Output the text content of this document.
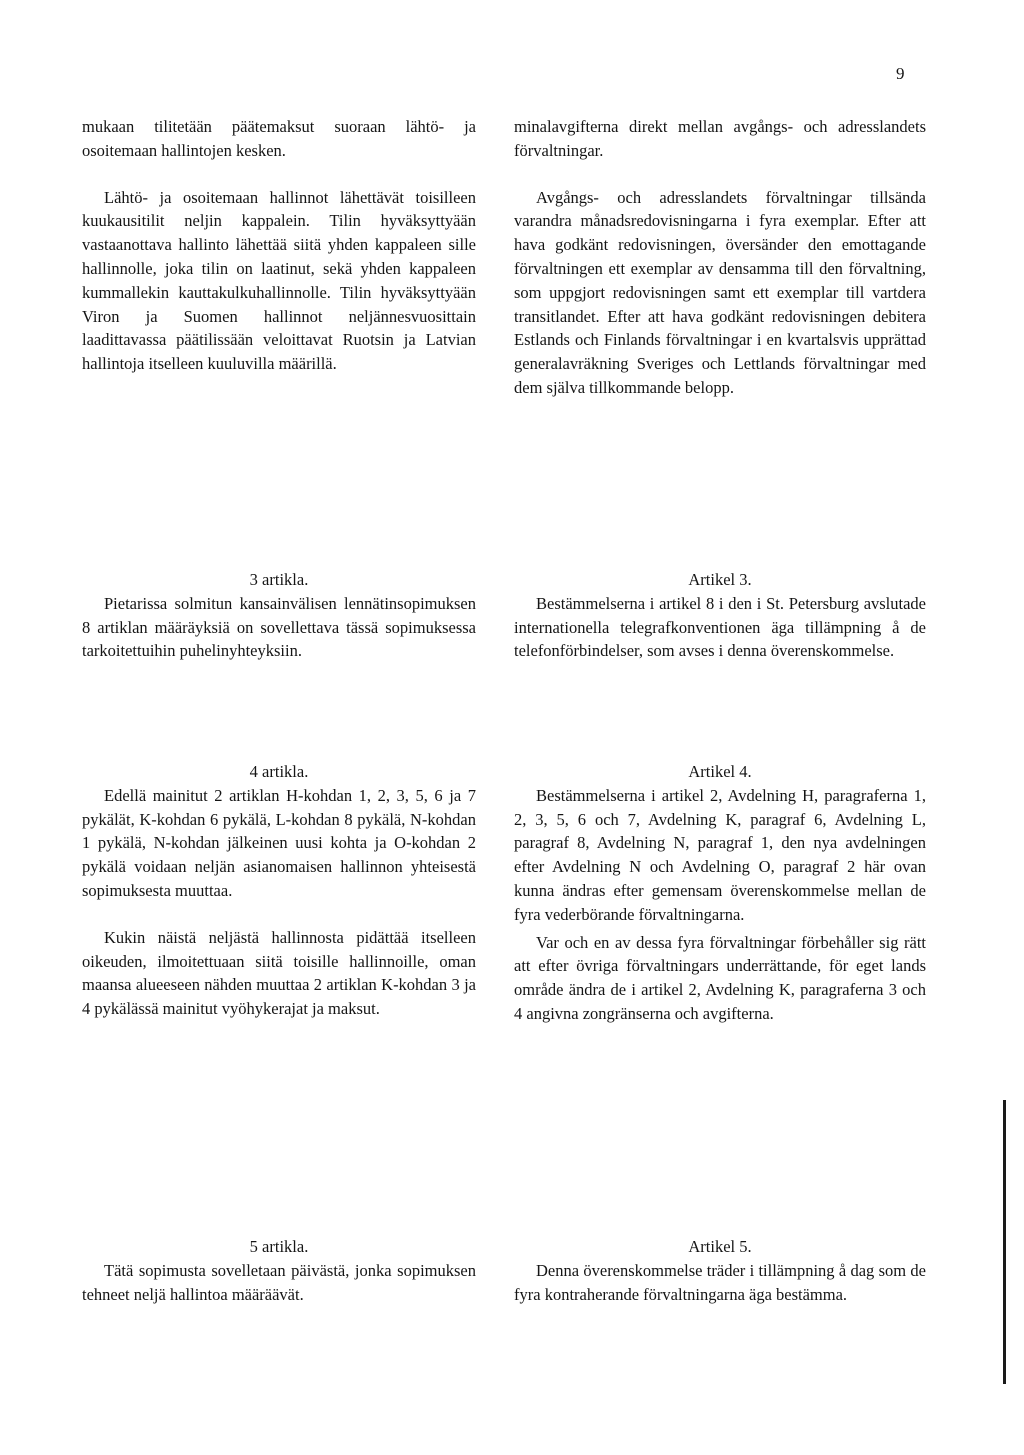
9

mukaan tilitetään päätemaksut suoraan lähtö- ja osoitemaan hallintojen kesken.

Lähtö- ja osoitemaan hallinnot lähettävät toisilleen kuukausitilit neljin kappalein. Tilin hyväksyttyään vastaanottava hallinto lähettää siitä yhden kappaleen sille hallinnolle, joka tilin on laatinut, sekä yhden kappaleen kummallekin kauttakulkuhallinnolle. Tilin hyväksyttyään Viron ja Suomen hallinnot neljännesvuosittain laadittavassa päätilissään veloittavat Ruotsin ja Latvian hallintoja itselleen kuuluvilla määrillä.

3 artikla.

Pietarissa solmitun kansainvälisen lennätinsopimuksen 8 artiklan määräyksiä on sovellettava tässä sopimuksessa tarkoitettuihin puhelinyhteyksiin.

4 artikla.

Edellä mainitut 2 artiklan H-kohdan 1, 2, 3, 5, 6 ja 7 pykälät, K-kohdan 6 pykälä, L-kohdan 8 pykälä, N-kohdan 1 pykälä, N-kohdan jälkeinen uusi kohta ja O-kohdan 2 pykälä voidaan neljän asianomaisen hallinnon yhteisestä sopimuksesta muuttaa.

Kukin näistä neljästä hallinnosta pidättää itselleen oikeuden, ilmoitettuaan siitä toisille hallinnoille, oman maansa alueeseen nähden muuttaa 2 artiklan K-kohdan 3 ja 4 pykälässä mainitut vyöhykerajat ja maksut.

5 artikla.

Tätä sopimusta sovelletaan päivästä, jonka sopimuksen tehneet neljä hallintoa määräävät.

minalavgifterna direkt mellan avgångs- och adresslandets förvaltningar.

Avgångs- och adresslandets förvaltningar tillsända varandra månadsredovisningarna i fyra exemplar. Efter att hava godkänt redovisningen, översänder den emottagande förvaltningen ett exemplar av densamma till den förvaltning, som uppgjort redovisningen samt ett exemplar till vartdera transitlandet. Efter att hava godkänt redovisningen debitera Estlands och Finlands förvaltningar i en kvartalsvis upprättad generalavräkning Sveriges och Lettlands förvaltningar med dem själva tillkommande belopp.

Artikel 3.

Bestämmelserna i artikel 8 i den i St. Petersburg avslutade internationella telegrafkonventionen äga tillämpning å de telefonförbindelser, som avses i denna överenskommelse.

Artikel 4.

Bestämmelserna i artikel 2, Avdelning H, paragraferna 1, 2, 3, 5, 6 och 7, Avdelning K, paragraf 6, Avdelning L, paragraf 8, Avdelning N, paragraf 1, den nya avdelningen efter Avdelning N och Avdelning O, paragraf 2 här ovan kunna ändras efter gemensam överenskommelse mellan de fyra vederbörande förvaltningarna.

Var och en av dessa fyra förvaltningar förbehåller sig rätt att efter övriga förvaltningars underrättande, för eget lands område ändra de i artikel 2, Avdelning K, paragraferna 3 och 4 angivna zongränserna och avgifterna.

Artikel 5.

Denna överenskommelse träder i tillämpning å dag som de fyra kontraherande förvaltningarna äga bestämma.
